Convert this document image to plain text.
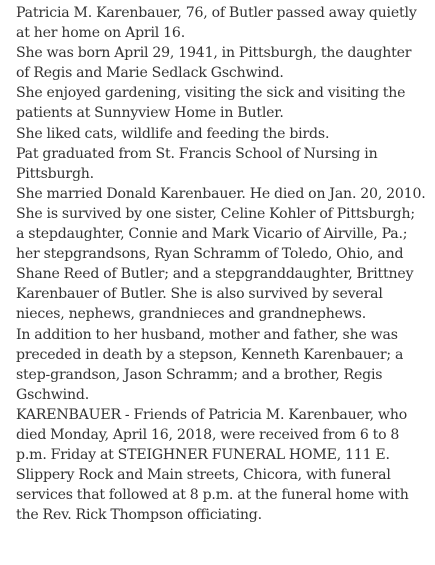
Patricia M. Karenbauer, 76, of Butler passed away quietly at her home on April 16.

She was born April 29, 1941, in Pittsburgh, the daughter of Regis and Marie Sedlack Gschwind.

She enjoyed gardening, visiting the sick and visiting the patients at Sunnyview Home in Butler.

She liked cats, wildlife and feeding the birds.

Pat graduated from St. Francis School of Nursing in Pittsburgh.

She married Donald Karenbauer. He died on Jan. 20, 2010.

She is survived by one sister, Celine Kohler of Pittsburgh; a stepdaughter, Connie and Mark Vicario of Airville, Pa.; her stepgrandsons, Ryan Schramm of Toledo, Ohio, and Shane Reed of Butler; and a stepgranddaughter, Brittney Karenbauer of Butler. She is also survived by several nieces, nephews, grandnieces and grandnephews.

In addition to her husband, mother and father, she was preceded in death by a stepson, Kenneth Karenbauer; a step-grandson, Jason Schramm; and a brother, Regis Gschwind.

KARENBAUER - Friends of Patricia M. Karenbauer, who died Monday, April 16, 2018, were received from 6 to 8 p.m. Friday at STEIGHNER FUNERAL HOME, 111 E. Slippery Rock and Main streets, Chicora, with funeral services that followed at 8 p.m. at the funeral home with the Rev. Rick Thompson officiating.
